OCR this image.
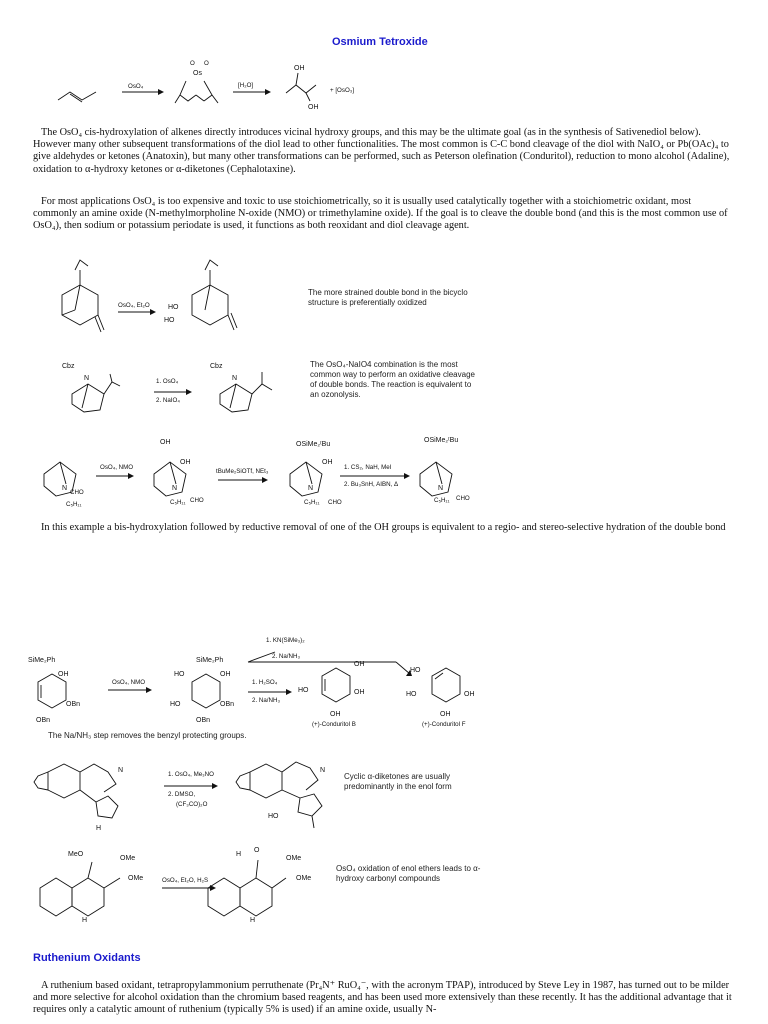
Osmium Tetroxide
OsO₄
Os
O O
[H₂O]
OH
OH
+ [OsO₃]

The OsO₄ cis-hydroxylation of alkenes directly introduces vicinal hydroxy groups, and this may be the ultimate goal (as in the synthesis of Sativenediol below). However many other subsequent transformations of the diol lead to other functionalities. The most common is C-C bond cleavage of the diol with NaIO₄ or Pb(OAc)₄ to give aldehydes or ketones (Anatoxin), but many other transformations can be performed, such as Peterson olefination (Conduritol), reduction to mono alcohol (Adaline), oxidation to α-hydroxy ketones or α-diketones (Cephalotaxine).

For most applications OsO₄ is too expensive and toxic to use stoichiometrically, so it is usually used catalytically together with a stoichiometric oxidant, most commonly an amine oxide (N-methylmorpholine N-oxide (NMO) or trimethylamine oxide). If the goal is to cleave the double bond (and this is the most common use of OsO₄), then sodium or potassium periodate is used, it functions as both reoxidant and diol cleavage agent.

OsO₄, Et₂O	HO
HO
The more strained double bond in the bicyclo structure is preferentially oxidized
Cbz
N	1. OsO₄
2. NaIO₄
Cbz
N
The OsO₄-NaIO4 combination is the most common way to perform an oxidative cleavage of double bonds. The reaction is equivalent to an ozonolysis.
N
CHO
C₅H₁₁
OsO₄, NMO
OH
OH
N
CHO
C₅H₁₁
tBuMe₂SiOTf, NEt₃
OSiMe₂ᵗBu
OH
N
CHO
C₅H₁₁
1. CS₂, NaH, MeI
2. Bu₃SnH, AIBN, Δ
OSiMe₂ᵗBu
N
CHO
C₅H₁₁

In this example a bis-hydroxylation followed by reductive removal of one of the OH groups is equivalent to a regio- and stereo-selective hydration of the double bond

SiMe₂Ph
OH
OBn
OBn
OsO₄, NMO
SiMe₂Ph
HO	OH
HO	OBn
OBn
1. H₂SO₄
2. Na/NH₃
1. KN(SiMe₃)₂
2. Na/NH₃
OH
HO	OH
OH
(+)-Conduritol B
HO
HO	OH
OH
(+)-Conduritol F
The Na/NH₃ step removes the benzyl protecting groups.
N
H
1. OsO₄, Me₃NO
2. DMSO,
(CF₃CO)₂O
N
HO
Cyclic α-diketones are usually predominantly in the enol form
MeO
OMe
OMe
H
OsO₄, Et₂O, H₂S
H
O
OMe
OMe
H
OsO₄ oxidation of enol ethers leads to α-hydroxy carbonyl compounds
Ruthenium Oxidants

A ruthenium based oxidant, tetrapropylammonium perruthenate (Pr₄N⁺ RuO₄⁻, with the acronym TPAP), introduced by Steve Ley in 1987, has turned out to be milder and more selective for alcohol oxidation than the chromium based reagents, and has been used more extensively than these recently. It has the additional advantage that it requires only a catalytic amount of ruthenium (typically 5% is used) if an amine oxide, usually N-
